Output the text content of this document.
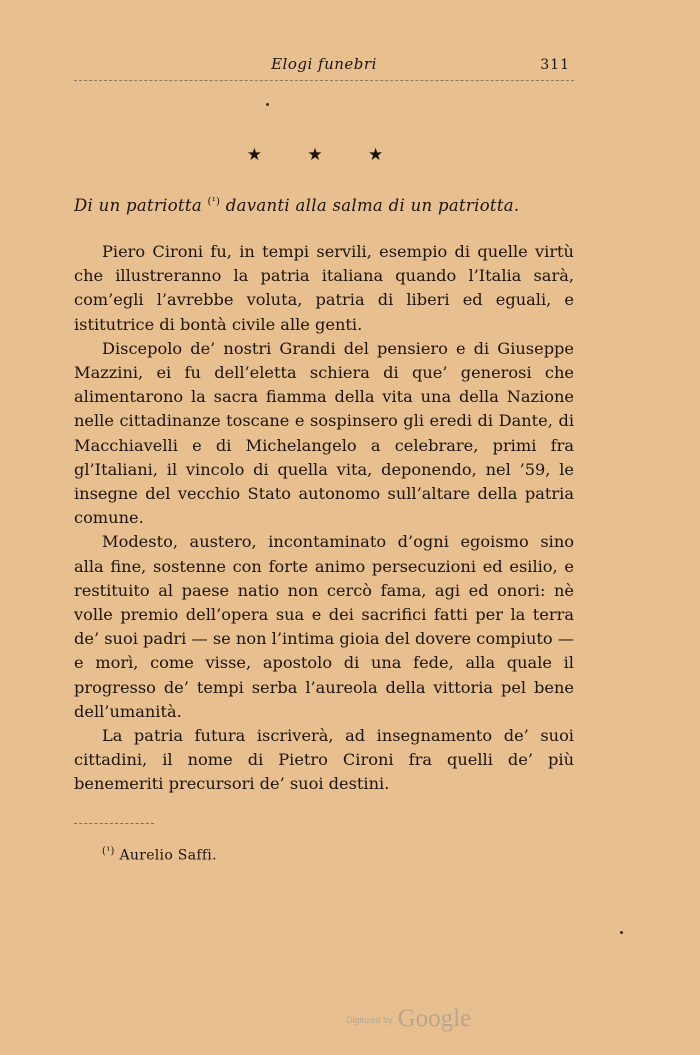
Elogi funebri	311
★ ★ ★
Di un patriotta $^{(^1)}$ davanti alla salma di un patriotta.

Piero Cironi fu, in tempi servili, esempio di quelle virtù che illustreranno la patria italiana quando l’Italia sarà, com’egli l’avrebbe voluta, patria di liberi ed eguali, e istitutrice di bontà civile alle genti.

Discepolo de’ nostri Grandi del pensiero e di Giuseppe Mazzini, ei fu dell’eletta schiera di que’ generosi che alimentarono la sacra fiamma della vita una della Nazione nelle cittadinanze toscane e sospinsero gli eredi di Dante, di Macchiavelli e di Michelangelo a celebrare, primi fra gl’Italiani, il vincolo di quella vita, deponendo, nel ’59, le insegne del vecchio Stato autonomo sull’altare della patria comune.

Modesto, austero, incontaminato d’ogni egoismo sino alla fine, sostenne con forte animo persecuzioni ed esilio, e restituito al paese natio non cercò fama, agi ed onori: nè volle premio dell’opera sua e dei sacrifici fatti per la terra de’ suoi padri — se non l’intima gioia del dovere compiuto — e morì, come visse, apostolo di una fede, alla quale il progresso de’ tempi serba l’aureola della vittoria pel bene dell’umanità.

La patria futura iscriverà, ad insegnamento de’ suoi cittadini, il nome di Pietro Cironi fra quelli de’ più benemeriti precursori de’ suoi destini.

$^{(^1)}$ Aurelio Saffi.
Digitized by Google
